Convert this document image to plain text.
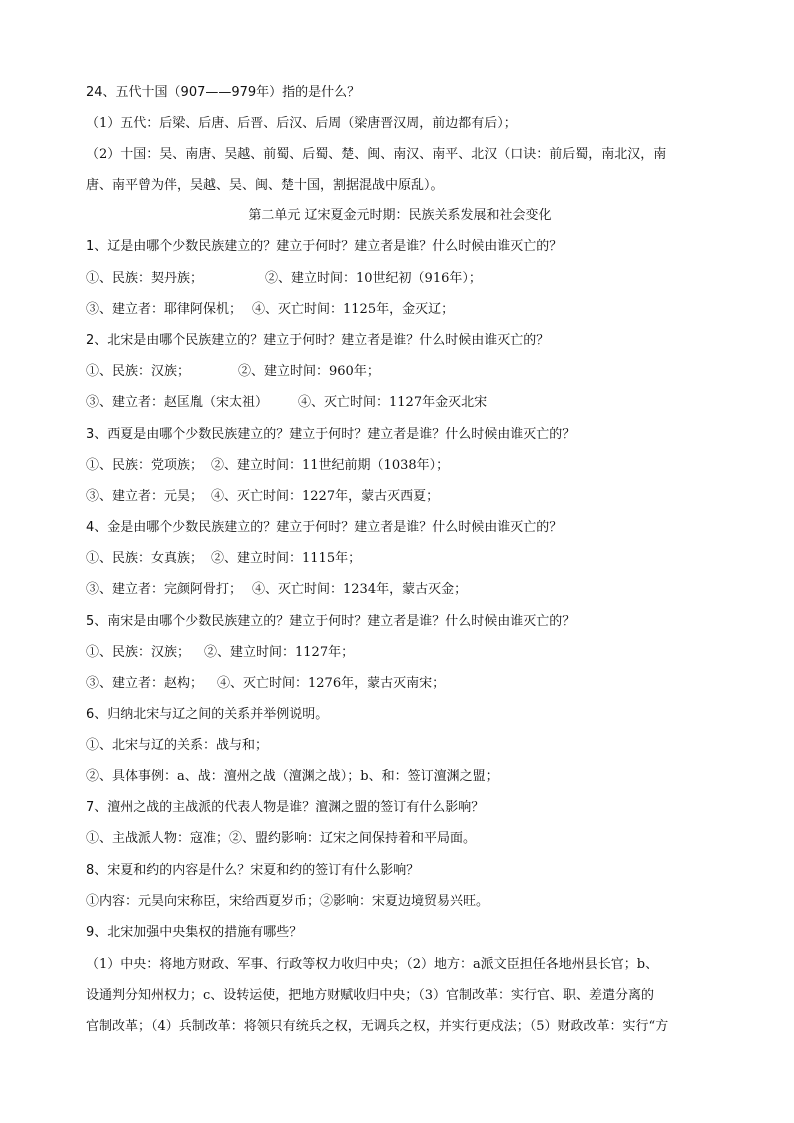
24、五代十国（907——979年）指的是什么？
（1）五代：后梁、后唐、后晋、后汉、后周（梁唐晋汉周，前边都有后）；
（2）十国：吴、南唐、吴越、前蜀、后蜀、楚、闽、南汉、南平、北汉（口诀：前后蜀，南北汉，南
唐、南平曾为伴，吴越、吴、闽、楚十国，割据混战中原乱）。
第二单元 辽宋夏金元时期：民族关系发展和社会变化
1、辽是由哪个少数民族建立的？建立于何时？建立者是谁？什么时候由谁灭亡的？
①、民族：契丹族；	②、建立时间：10世纪初（916年）；
③、建立者：耶律阿保机； ④、灭亡时间：1125年，金灭辽；
2、北宋是由哪个民族建立的？建立于何时？建立者是谁？什么时候由谁灭亡的？
①、民族：汉族；	②、建立时间：960年；
③、建立者：赵匡胤（宋太祖） ④、灭亡时间：1127年金灭北宋
3、西夏是由哪个少数民族建立的？建立于何时？建立者是谁？什么时候由谁灭亡的？
①、民族：党项族； ②、建立时间：11世纪前期（1038年）；
③、建立者：元昊； ④、灭亡时间：1227年，蒙古灭西夏；
4、金是由哪个少数民族建立的？建立于何时？建立者是谁？什么时候由谁灭亡的？
①、民族：女真族； ②、建立时间：1115年；
③、建立者：完颜阿骨打； ④、灭亡时间：1234年，蒙古灭金；
5、南宋是由哪个少数民族建立的？建立于何时？建立者是谁？什么时候由谁灭亡的？
①、民族：汉族； ②、建立时间：1127年；
③、建立者：赵构； ④、灭亡时间：1276年，蒙古灭南宋；
6、归纳北宋与辽之间的关系并举例说明。
①、北宋与辽的关系：战与和；
②、具体事例：a、战：澶州之战（澶渊之战）；b、和：签订澶渊之盟；
7、澶州之战的主战派的代表人物是谁？澶渊之盟的签订有什么影响？
①、主战派人物：寇准；②、盟约影响：辽宋之间保持着和平局面。
8、宋夏和约的内容是什么？宋夏和约的签订有什么影响？
①内容：元昊向宋称臣，宋给西夏岁币；②影响：宋夏边境贸易兴旺。
9、北宋加强中央集权的措施有哪些？
（1）中央：将地方财政、军事、行政等权力收归中央；（2）地方：a派文臣担任各地州县长官；b、
设通判分知州权力；c、设转运使，把地方财赋收归中央；（3）官制改革：实行官、职、差遣分离的
官制改革；（4）兵制改革：将领只有统兵之权，无调兵之权，并实行更戍法；（5）财政改革：实行“方
